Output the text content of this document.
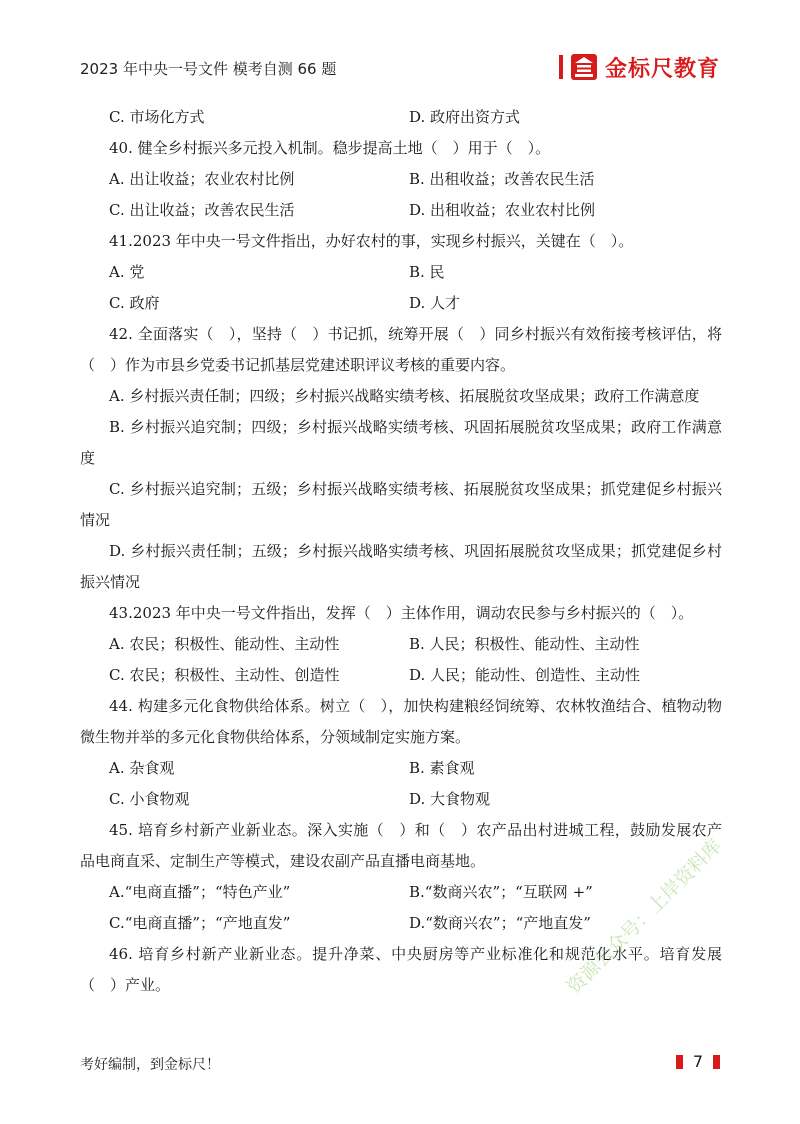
2023 年中央一号文件 模考自测 66 题	金标尺教育
C. 市场化方式	D. 政府出资方式

40. 健全乡村振兴多元投入机制。稳步提高土地（　）用于（　）。

A. 出让收益；农业农村比例	B. 出租收益；改善农民生活
C. 出让收益；改善农民生活	D. 出租收益；农业农村比例

41.2023 年中央一号文件指出，办好农村的事，实现乡村振兴，关键在（　）。

A. 党	B. 民
C. 政府	D. 人才

42. 全面落实（　），坚持（　）书记抓，统筹开展（　）同乡村振兴有效衔接考核评估，将（　）作为市县乡党委书记抓基层党建述职评议考核的重要内容。

A. 乡村振兴责任制；四级；乡村振兴战略实绩考核、拓展脱贫攻坚成果；政府工作满意度

B. 乡村振兴追究制；四级；乡村振兴战略实绩考核、巩固拓展脱贫攻坚成果；政府工作满意度

C. 乡村振兴追究制；五级；乡村振兴战略实绩考核、拓展脱贫攻坚成果；抓党建促乡村振兴情况

D. 乡村振兴责任制；五级；乡村振兴战略实绩考核、巩固拓展脱贫攻坚成果；抓党建促乡村振兴情况

43.2023 年中央一号文件指出，发挥（　）主体作用，调动农民参与乡村振兴的（　）。

A. 农民；积极性、能动性、主动性	B. 人民；积极性、能动性、主动性
C. 农民；积极性、主动性、创造性	D. 人民；能动性、创造性、主动性

44. 构建多元化食物供给体系。树立（　），加快构建粮经饲统筹、农林牧渔结合、植物动物微生物并举的多元化食物供给体系，分领域制定实施方案。

A. 杂食观	B. 素食观
C. 小食物观	D. 大食物观

45. 培育乡村新产业新业态。深入实施（　）和（　）农产品出村进城工程，鼓励发展农产品电商直采、定制生产等模式，建设农副产品直播电商基地。

A.“电商直播”；“特色产业”	B.“数商兴农”；“互联网 +”
C.“电商直播”；“产地直发”	D.“数商兴农”；“产地直发”

46. 培育乡村新产业新业态。提升净菜、中央厨房等产业标准化和规范化水平。培育发展（　）产业。	资源公众号：上岸资料库
考好编制，到金标尺！	7
